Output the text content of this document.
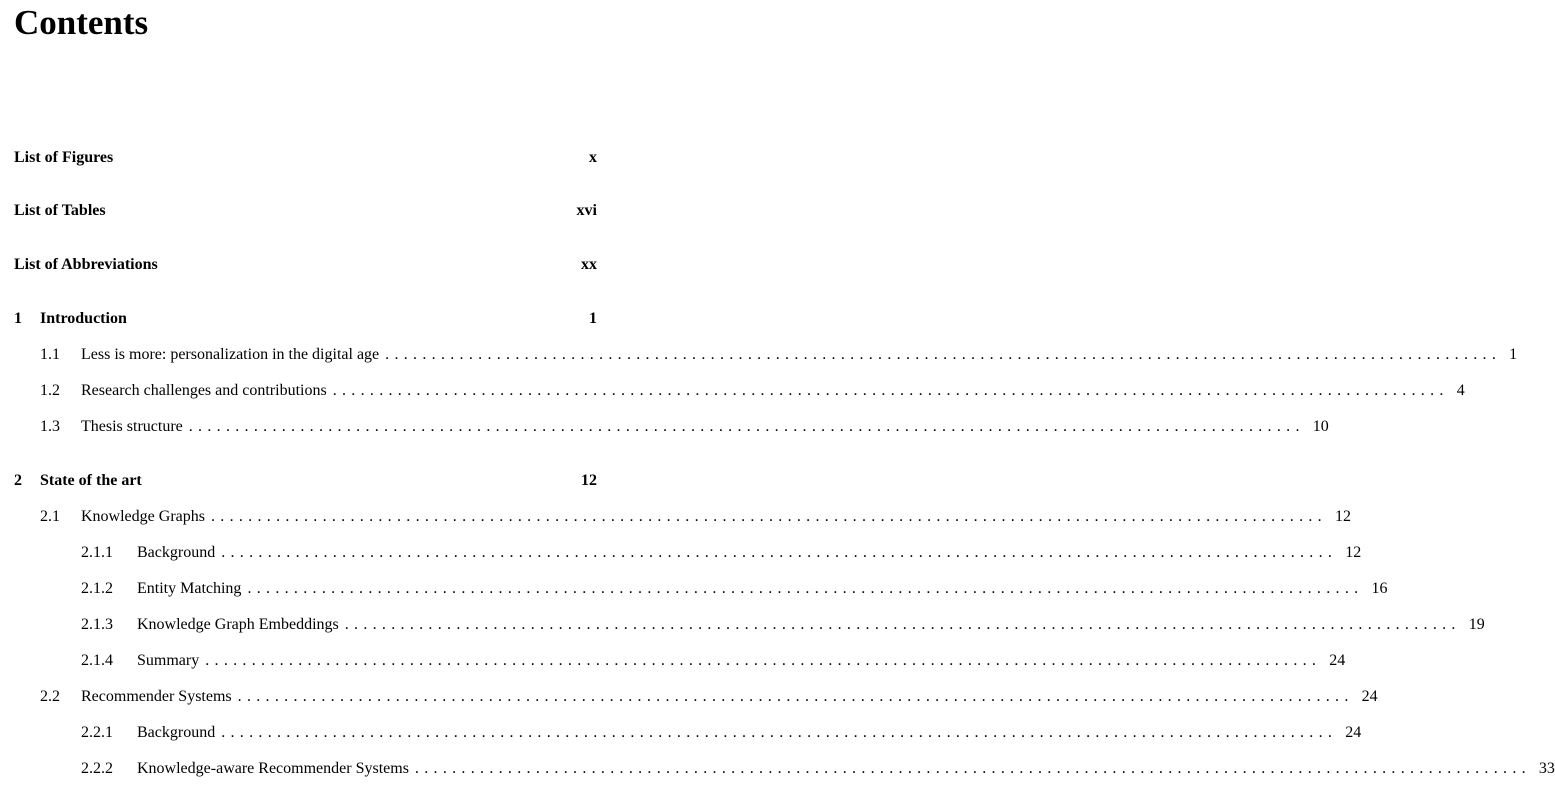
Contents
List of Figures	x
List of Tables	xvi
List of Abbreviations	xx
1	Introduction	1
1.1	Less is more: personalization in the digital age ........................................................................................................................ 1
1.2	Research challenges and contributions ........................................................................................................................ 4
1.3	Thesis structure ........................................................................................................................ 10
2	State of the art	12
2.1	Knowledge Graphs ........................................................................................................................ 12
2.1.1	Background ........................................................................................................................ 12
2.1.2	Entity Matching ........................................................................................................................ 16
2.1.3	Knowledge Graph Embeddings ........................................................................................................................ 19
2.1.4	Summary ........................................................................................................................ 24
2.2	Recommender Systems ........................................................................................................................ 24
2.2.1	Background ........................................................................................................................ 24
2.2.2	Knowledge-aware Recommender Systems ........................................................................................................................ 33
